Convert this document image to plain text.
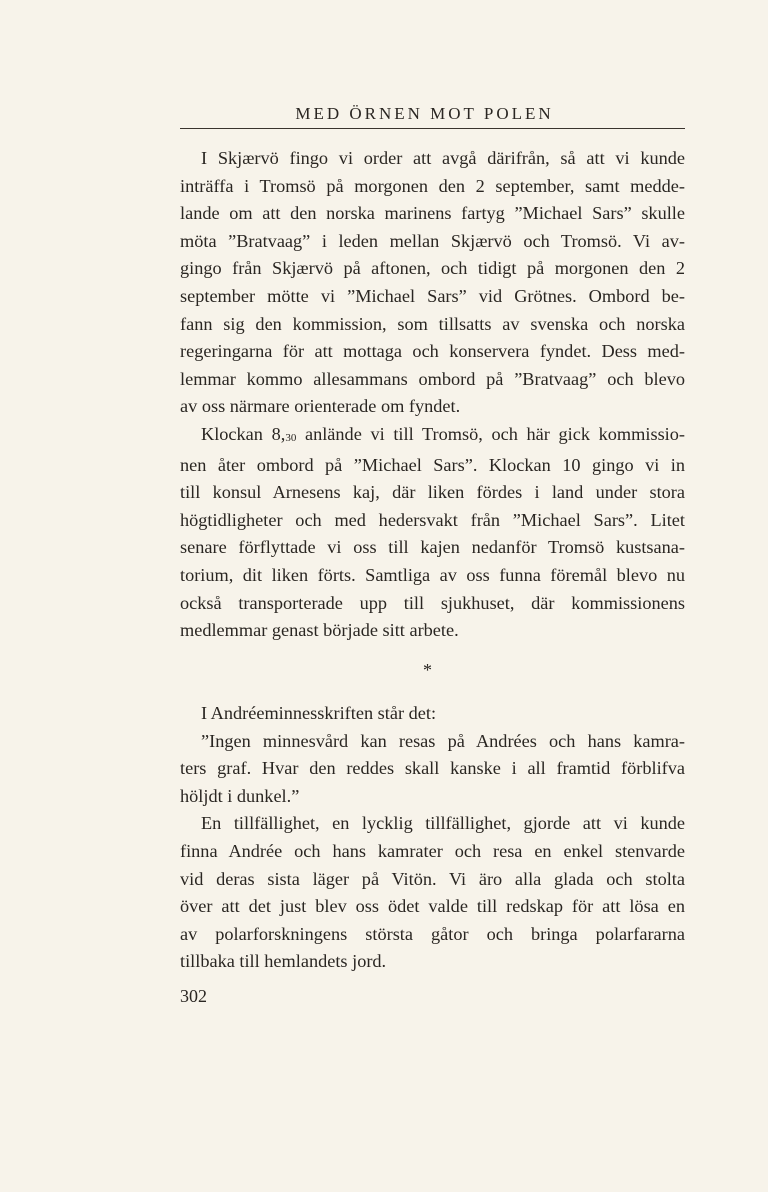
MED ÖRNEN MOT POLEN
I Skjærvö fingo vi order att avgå därifrån, så att vi kunde
inträffa i Tromsö på morgonen den 2 september, samt medde-
lande om att den norska marinens fartyg ”Michael Sars” skulle
möta ”Bratvaag” i leden mellan Skjærvö och Tromsö. Vi av-
gingo från Skjærvö på aftonen, och tidigt på morgonen den 2
september mötte vi ”Michael Sars” vid Grötnes. Ombord be-
fann sig den kommission, som tillsatts av svenska och norska
regeringarna för att mottaga och konservera fyndet. Dess med-
lemmar kommo allesammans ombord på ”Bratvaag” och blevo
av oss närmare orienterade om fyndet.
Klockan 8,30 anlände vi till Tromsö, och här gick kommissio-
nen åter ombord på ”Michael Sars”. Klockan 10 gingo vi in
till konsul Arnesens kaj, där liken fördes i land under stora
högtidligheter och med hedersvakt från ”Michael Sars”. Litet
senare förflyttade vi oss till kajen nedanför Tromsö kustsana-
torium, dit liken förts. Samtliga av oss funna föremål blevo nu
också transporterade upp till sjukhuset, där kommissionens
medlemmar genast började sitt arbete.
*
I Andréeminnesskriften står det:
”Ingen minnesvård kan resas på Andrées och hans kamra-
ters graf. Hvar den reddes skall kanske i all framtid förblifva
höljdt i dunkel.”
En tillfällighet, en lycklig tillfällighet, gjorde att vi kunde
finna Andrée och hans kamrater och resa en enkel stenvarde
vid deras sista läger på Vitön. Vi äro alla glada och stolta
över att det just blev oss ödet valde till redskap för att lösa en
av polarforskningens största gåtor och bringa polarfararna
tillbaka till hemlandets jord.
302
